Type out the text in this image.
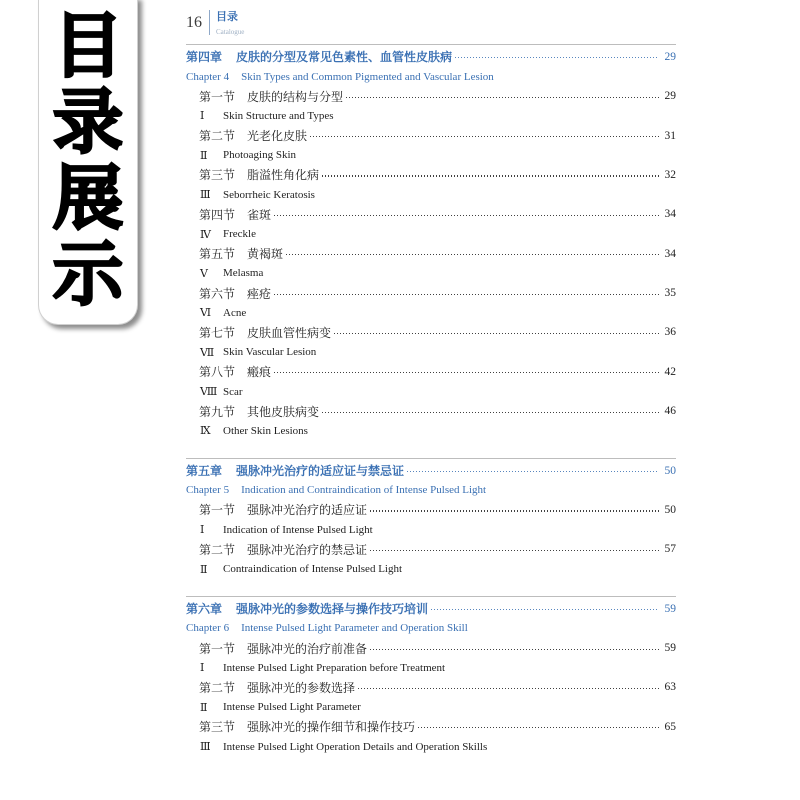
目录展示
16 目录
Catalogue
第四章 皮肤的分型及常见色素性、血管性皮肤病	29
Chapter 4 Skin Types and Common Pigmented and Vascular Lesion
第一节 皮肤的结构与分型	29
Ⅰ	Skin Structure and Types
第二节 光老化皮肤	31
Ⅱ	Photoaging Skin
第三节 脂溢性角化病	32
Ⅲ	Seborrheic Keratosis
第四节 雀斑	34
Ⅳ	Freckle
第五节 黄褐斑	34
Ⅴ	Melasma
第六节 痤疮	35
Ⅵ	Acne
第七节 皮肤血管性病变	36
Ⅶ Skin Vascular Lesion
第八节 瘢痕	42
Ⅷ Scar
第九节 其他皮肤病变	46
Ⅸ	Other Skin Lesions
第五章 强脉冲光治疗的适应证与禁忌证	50
Chapter 5 Indication and Contraindication of Intense Pulsed Light
第一节 强脉冲光治疗的适应证	50
Ⅰ	Indication of Intense Pulsed Light
第二节 强脉冲光治疗的禁忌证	57
Ⅱ	Contraindication of Intense Pulsed Light
第六章 强脉冲光的参数选择与操作技巧培训	59
Chapter 6 Intense Pulsed Light Parameter and Operation Skill
第一节 强脉冲光的治疗前准备	59
Ⅰ	Intense Pulsed Light Preparation before Treatment
第二节 强脉冲光的参数选择	63
Ⅱ	Intense Pulsed Light Parameter
第三节 强脉冲光的操作细节和操作技巧	65
Ⅲ	Intense Pulsed Light Operation Details and Operation Skills
